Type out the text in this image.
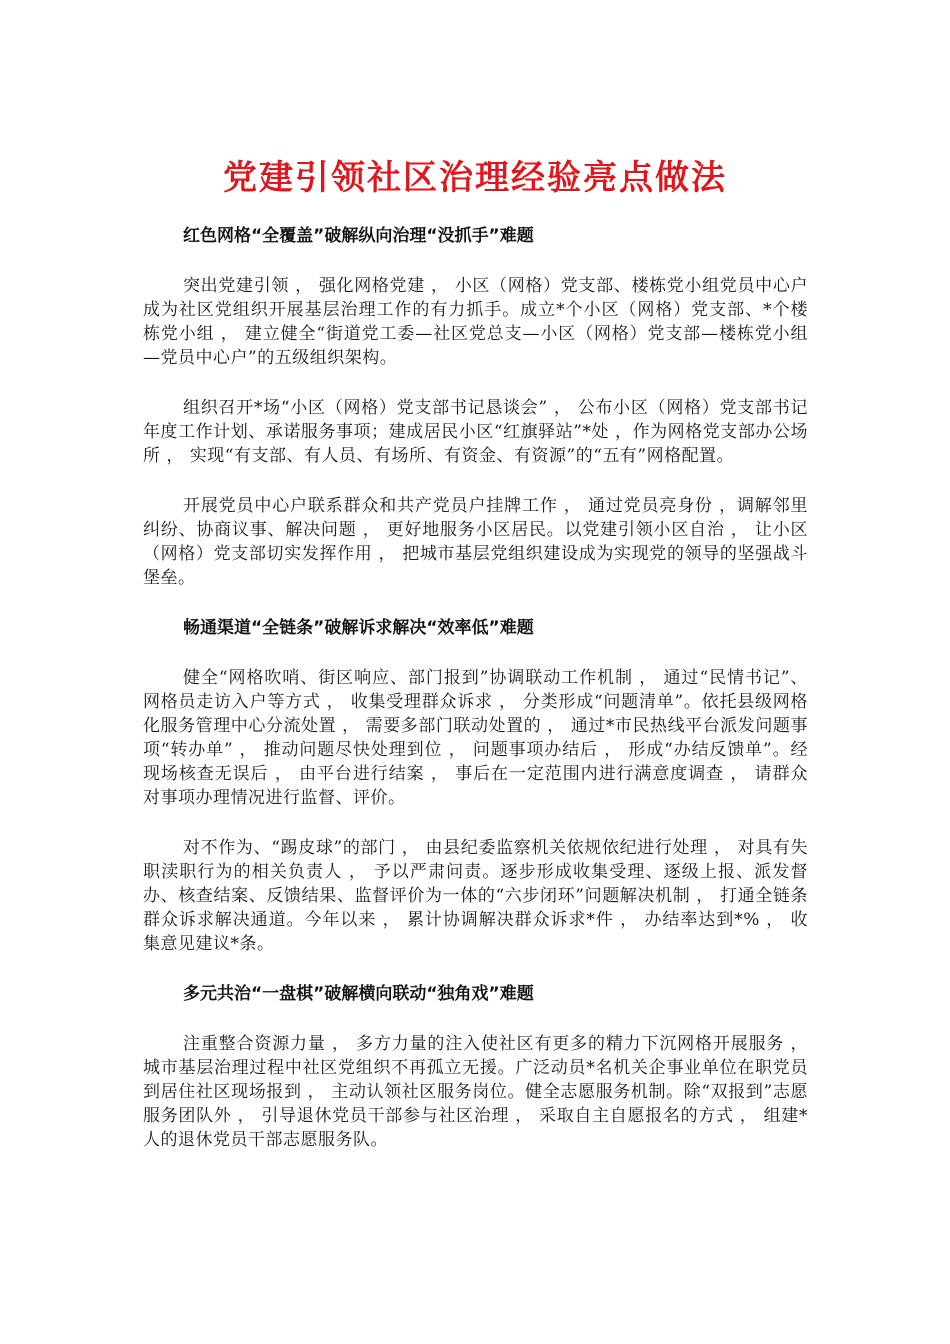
党建引领社区治理经验亮点做法

红色网格“全覆盖”破解纵向治理“没抓手”难题

突出党建引领 ， 强化网格党建 ， 小区（网格）党支部、楼栋党小组党员中心户成为社区党组织开展基层治理工作的有力抓手。成立*个小区（网格）党支部、*个楼栋党小组 ， 建立健全“街道党工委—社区党总支—小区（网格）党支部—楼栋党小组—党员中心户”的五级组织架构。

组织召开*场“小区（网格）党支部书记恳谈会” ， 公布小区（网格）党支部书记年度工作计划、承诺服务事项；建成居民小区“红旗驿站”*处 ，作为网格党支部办公场所 ， 实现“有支部、有人员、有场所、有资金、有资源”的“五有”网格配置。

开展党员中心户联系群众和共产党员户挂牌工作 ， 通过党员亮身份 ，调解邻里纠纷、协商议事、解决问题 ， 更好地服务小区居民。以党建引领小区自治 ， 让小区（网格）党支部切实发挥作用 ， 把城市基层党组织建设成为实现党的领导的坚强战斗堡垒。

畅通渠道“全链条”破解诉求解决“效率低”难题

健全“网格吹哨、街区响应、部门报到”协调联动工作机制 ， 通过“民情书记”、网格员走访入户等方式 ， 收集受理群众诉求 ， 分类形成“问题清单”。依托县级网格化服务管理中心分流处置 ， 需要多部门联动处置的 ， 通过*市民热线平台派发问题事项“转办单” ， 推动问题尽快处理到位 ， 问题事项办结后 ， 形成“办结反馈单”。经现场核查无误后 ， 由平台进行结案 ， 事后在一定范围内进行满意度调查 ， 请群众对事项办理情况进行监督、评价。

对不作为、“踢皮球”的部门 ， 由县纪委监察机关依规依纪进行处理 ， 对具有失职渎职行为的相关负责人 ， 予以严肃问责。逐步形成收集受理、逐级上报、派发督办、核查结案、反馈结果、监督评价为一体的“六步闭环”问题解决机制 ， 打通全链条群众诉求解决通道。今年以来 ， 累计协调解决群众诉求*件 ， 办结率达到*% ， 收集意见建议*条。

多元共治“一盘棋”破解横向联动“独角戏”难题

注重整合资源力量 ， 多方力量的注入使社区有更多的精力下沉网格开展服务 ， 城市基层治理过程中社区党组织不再孤立无援。广泛动员*名机关企事业单位在职党员到居住社区现场报到 ， 主动认领社区服务岗位。健全志愿服务机制。除“双报到”志愿服务团队外 ， 引导退休党员干部参与社区治理 ， 采取自主自愿报名的方式 ， 组建*人的退休党员干部志愿服务队。
